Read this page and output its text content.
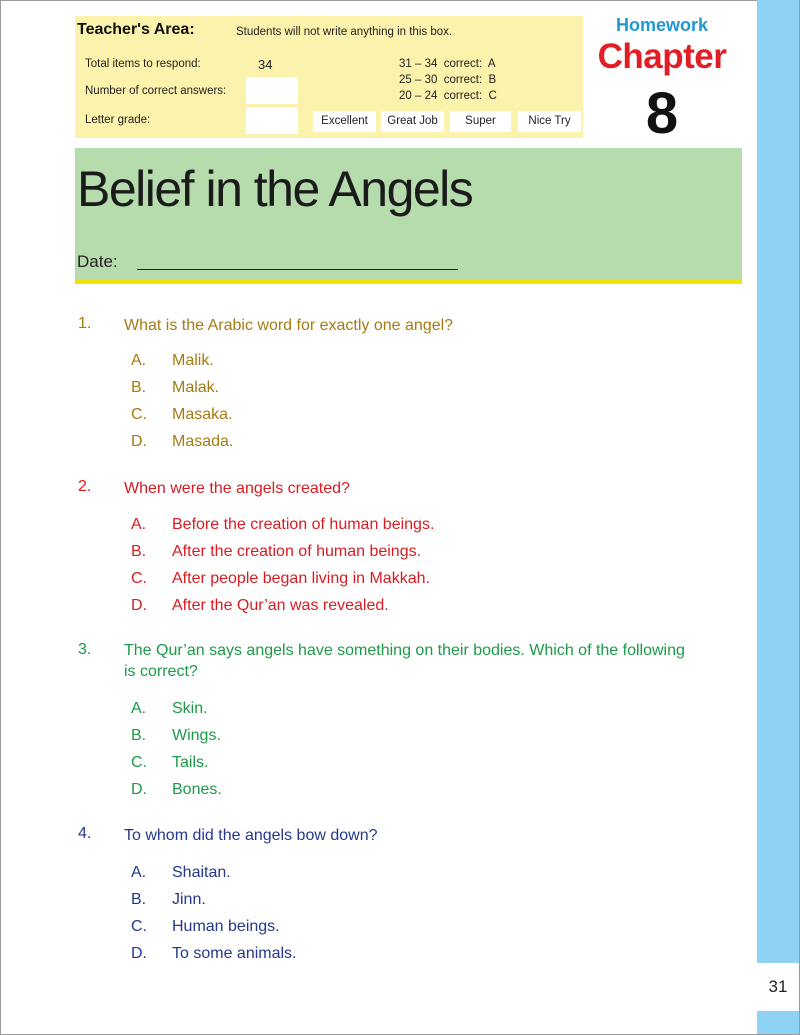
31
Teacher's Area:	Students will not write anything in this box.
Total items to respond:	34
Number of correct answers:
Letter grade:
31 – 34  correct:  A
25 – 30  correct:  B
20 – 24  correct:  C
Excellent	Great Job	Super	Nice Try
Homework
Chapter
8
Belief in the Angels
Date:
1. What is the Arabic word for exactly one angel?
A. Malik.
B. Malak.
C. Masaka.
D. Masada.
2. When were the angels created?
A. Before the creation of human beings.
B. After the creation of human beings.
C. After people began living in Makkah.
D. After the Qur’an was revealed.
3. The Qur’an says angels have something on their bodies. Which of the following is correct?
A. Skin.
B. Wings.
C. Tails.
D. Bones.
4. To whom did the angels bow down?
A. Shaitan.
B. Jinn.
C. Human beings.
D. To some animals.
